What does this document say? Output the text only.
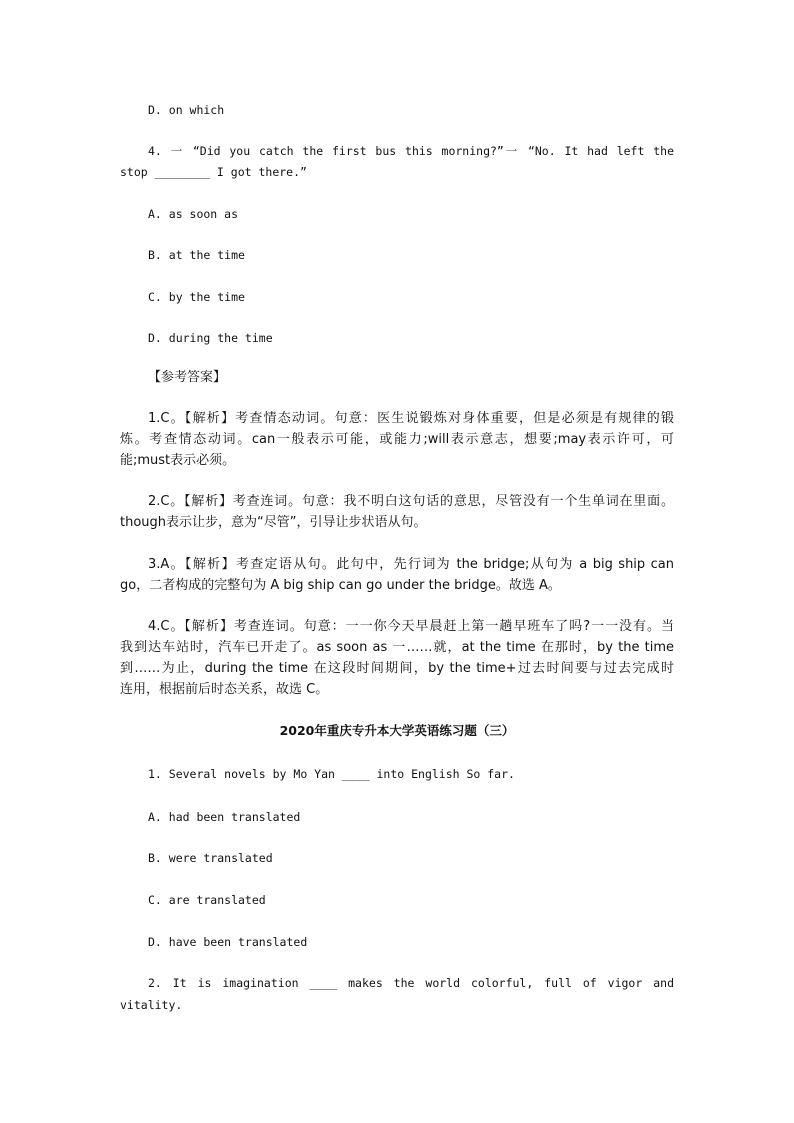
D. on which
4. 一 “Did you catch the first bus this morning?”一 “No. It had left the
stop ________ I got there.”
A. as soon as
B. at the time
C. by the time
D. during the time
【参考答案】
1.C。【解析】考查情态动词。句意：医生说锻炼对身体重要，但是必须是有规律的锻
炼。考查情态动词。can一般表示可能，或能力;will表示意志，想要;may表示许可，可
能;must表示必须。
2.C。【解析】考查连词。句意：我不明白这句话的意思，尽管没有一个生单词在里面。
though表示让步，意为“尽管”，引导让步状语从句。
3.A。【解析】考查定语从句。此句中，先行词为 the bridge;从句为 a big ship can
go，二者构成的完整句为 A big ship can go under the bridge。故选 A。
4.C。【解析】考查连词。句意：一一你今天早晨赶上第一趟早班车了吗?一一没有。当
我到达车站时，汽车已开走了。as soon as 一……就，at the time 在那时，by the time
到……为止，during the time 在这段时间期间，by the time+过去时间要与过去完成时
连用，根据前后时态关系，故选 C。
2020年重庆专升本大学英语练习题（三）
1. Several novels by Mo Yan ____ into English So far.
A. had been translated
B. were translated
C. are translated
D. have been translated
2. It is imagination ____ makes the world colorful, full of vigor and
vitality.
